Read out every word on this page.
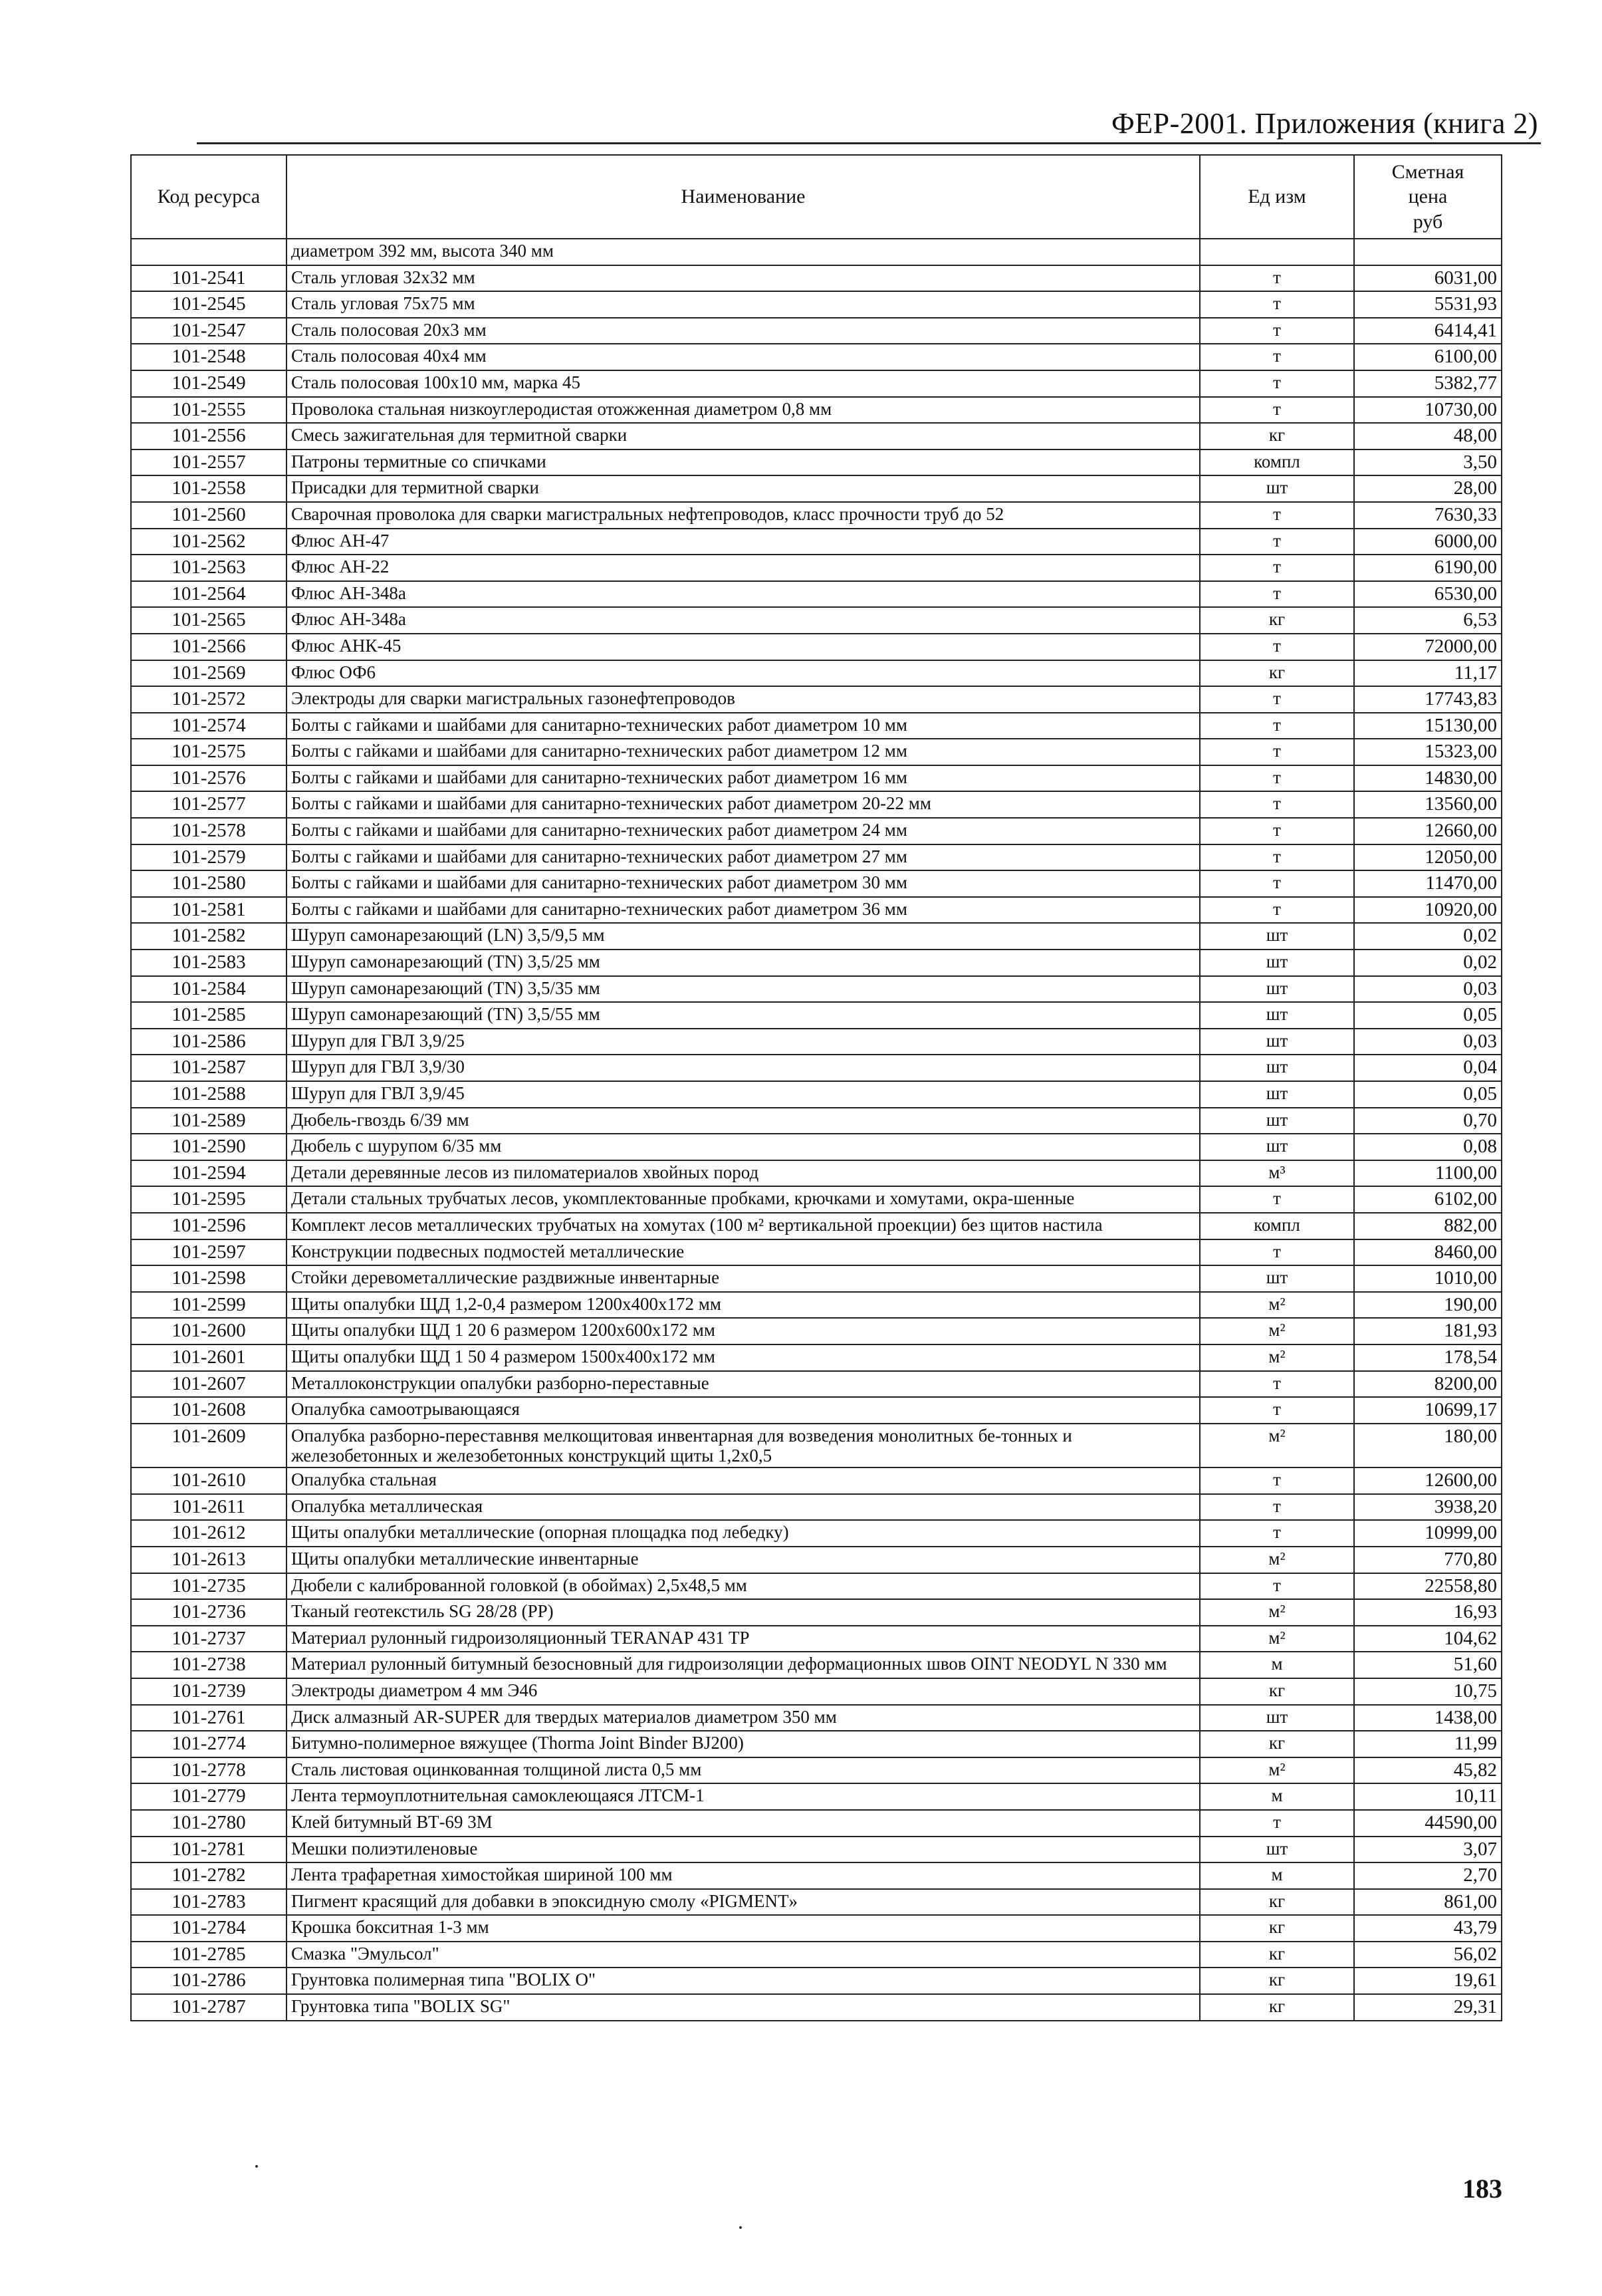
ФЕР-2001. Приложения (книга 2)
Код ресурса	Наименование	Ед изм	Сметная
цена
руб

	диаметром 392 мм, высота 340 мм		
101-2541	Сталь угловая 32x32 мм	т	6031,00
101-2545	Сталь угловая 75x75 мм	т	5531,93
101-2547	Сталь полосовая 20x3 мм	т	6414,41
101-2548	Сталь полосовая 40x4 мм	т	6100,00
101-2549	Сталь полосовая 100x10 мм, марка 45	т	5382,77
101-2555	Проволока стальная низкоуглеродистая отожженная диаметром 0,8 мм	т	10730,00
101-2556	Смесь зажигательная для термитной сварки	кг	48,00
101-2557	Патроны термитные со спичками	компл	3,50
101-2558	Присадки для термитной сварки	шт	28,00
101-2560	Сварочная проволока для сварки магистральных нефтепроводов, класс прочности труб до 52	т	7630,33
101-2562	Флюс АН-47	т	6000,00
101-2563	Флюс АН-22	т	6190,00
101-2564	Флюс АН-348а	т	6530,00
101-2565	Флюс АН-348а	кг	6,53
101-2566	Флюс АНК-45	т	72000,00
101-2569	Флюс ОФ6	кг	11,17
101-2572	Электроды для сварки магистральных газонефтепроводов	т	17743,83
101-2574	Болты с гайками и шайбами для санитарно-технических работ диаметром 10 мм	т	15130,00
101-2575	Болты с гайками и шайбами для санитарно-технических работ диаметром 12 мм	т	15323,00
101-2576	Болты с гайками и шайбами для санитарно-технических работ диаметром 16 мм	т	14830,00
101-2577	Болты с гайками и шайбами для санитарно-технических работ диаметром 20-22 мм	т	13560,00
101-2578	Болты с гайками и шайбами для санитарно-технических работ диаметром 24 мм	т	12660,00
101-2579	Болты с гайками и шайбами для санитарно-технических работ диаметром 27 мм	т	12050,00
101-2580	Болты с гайками и шайбами для санитарно-технических работ диаметром 30 мм	т	11470,00
101-2581	Болты с гайками и шайбами для санитарно-технических работ диаметром 36 мм	т	10920,00
101-2582	Шуруп самонарезающий (LN) 3,5/9,5 мм	шт	0,02
101-2583	Шуруп самонарезающий (TN) 3,5/25 мм	шт	0,02
101-2584	Шуруп самонарезающий (TN) 3,5/35 мм	шт	0,03
101-2585	Шуруп самонарезающий (TN) 3,5/55 мм	шт	0,05
101-2586	Шуруп для ГВЛ 3,9/25	шт	0,03
101-2587	Шуруп для ГВЛ 3,9/30	шт	0,04
101-2588	Шуруп для ГВЛ 3,9/45	шт	0,05
101-2589	Дюбель-гвоздь 6/39 мм	шт	0,70
101-2590	Дюбель с шурупом 6/35 мм	шт	0,08
101-2594	Детали деревянные лесов из пиломатериалов хвойных пород	м³	1100,00
101-2595	Детали стальных трубчатых лесов, укомплектованные пробками, крючками и хомутами, окра-шенные	т	6102,00
101-2596	Комплект лесов металлических трубчатых на хомутах (100 м² вертикальной проекции) без щитов настила	компл	882,00
101-2597	Конструкции подвесных подмостей металлические	т	8460,00
101-2598	Стойки деревометаллические раздвижные инвентарные	шт	1010,00
101-2599	Щиты опалубки ЩД 1,2-0,4 размером 1200x400x172 мм	м²	190,00
101-2600	Щиты опалубки ЩД 1 20 6 размером 1200x600x172 мм	м²	181,93
101-2601	Щиты опалубки ЩД 1 50 4 размером 1500x400x172 мм	м²	178,54
101-2607	Металлоконструкции опалубки разборно-переставные	т	8200,00
101-2608	Опалубка самоотрывающаяся	т	10699,17
101-2609	Опалубка разборно-переставнвя мелкощитовая инвентарная для возведения монолитных бе-тонных и железобетонных и железобетонных конструкций щиты 1,2x0,5	м²	180,00
101-2610	Опалубка стальная	т	12600,00
101-2611	Опалубка металлическая	т	3938,20
101-2612	Щиты опалубки металлические (опорная площадка под лебедку)	т	10999,00
101-2613	Щиты опалубки металлические инвентарные	м²	770,80
101-2735	Дюбели с калиброванной головкой (в обоймах) 2,5x48,5 мм	т	22558,80
101-2736	Тканый геотекстиль SG 28/28 (PP)	м²	16,93
101-2737	Материал рулонный гидроизоляционный TERANAP 431 TP	м²	104,62
101-2738	Материал рулонный битумный безосновный для гидроизоляции деформационных швов OINT NEODYL N 330 мм	м	51,60
101-2739	Электроды диаметром 4 мм Э46	кг	10,75
101-2761	Диск алмазный AR-SUPER для твердых материалов диаметром 350 мм	шт	1438,00
101-2774	Битумно-полимерное вяжущее (Thorma Joint Binder BJ200)	кг	11,99
101-2778	Сталь листовая оцинкованная толщиной листа 0,5 мм	м²	45,82
101-2779	Лента термоуплотнительная самоклеющаяся ЛТСМ-1	м	10,11
101-2780	Клей битумный ВТ-69 3М	т	44590,00
101-2781	Мешки полиэтиленовые	шт	3,07
101-2782	Лента трафаретная химостойкая шириной 100 мм	м	2,70
101-2783	Пигмент красящий для добавки в эпоксидную смолу «PIGMENT»	кг	861,00
101-2784	Крошка бокситная 1-3 мм	кг	43,79
101-2785	Смазка "Эмульсол"	кг	56,02
101-2786	Грунтовка полимерная типа "BOLIX O"	кг	19,61
101-2787	Грунтовка типа "BOLIX SG"	кг	29,31
183
